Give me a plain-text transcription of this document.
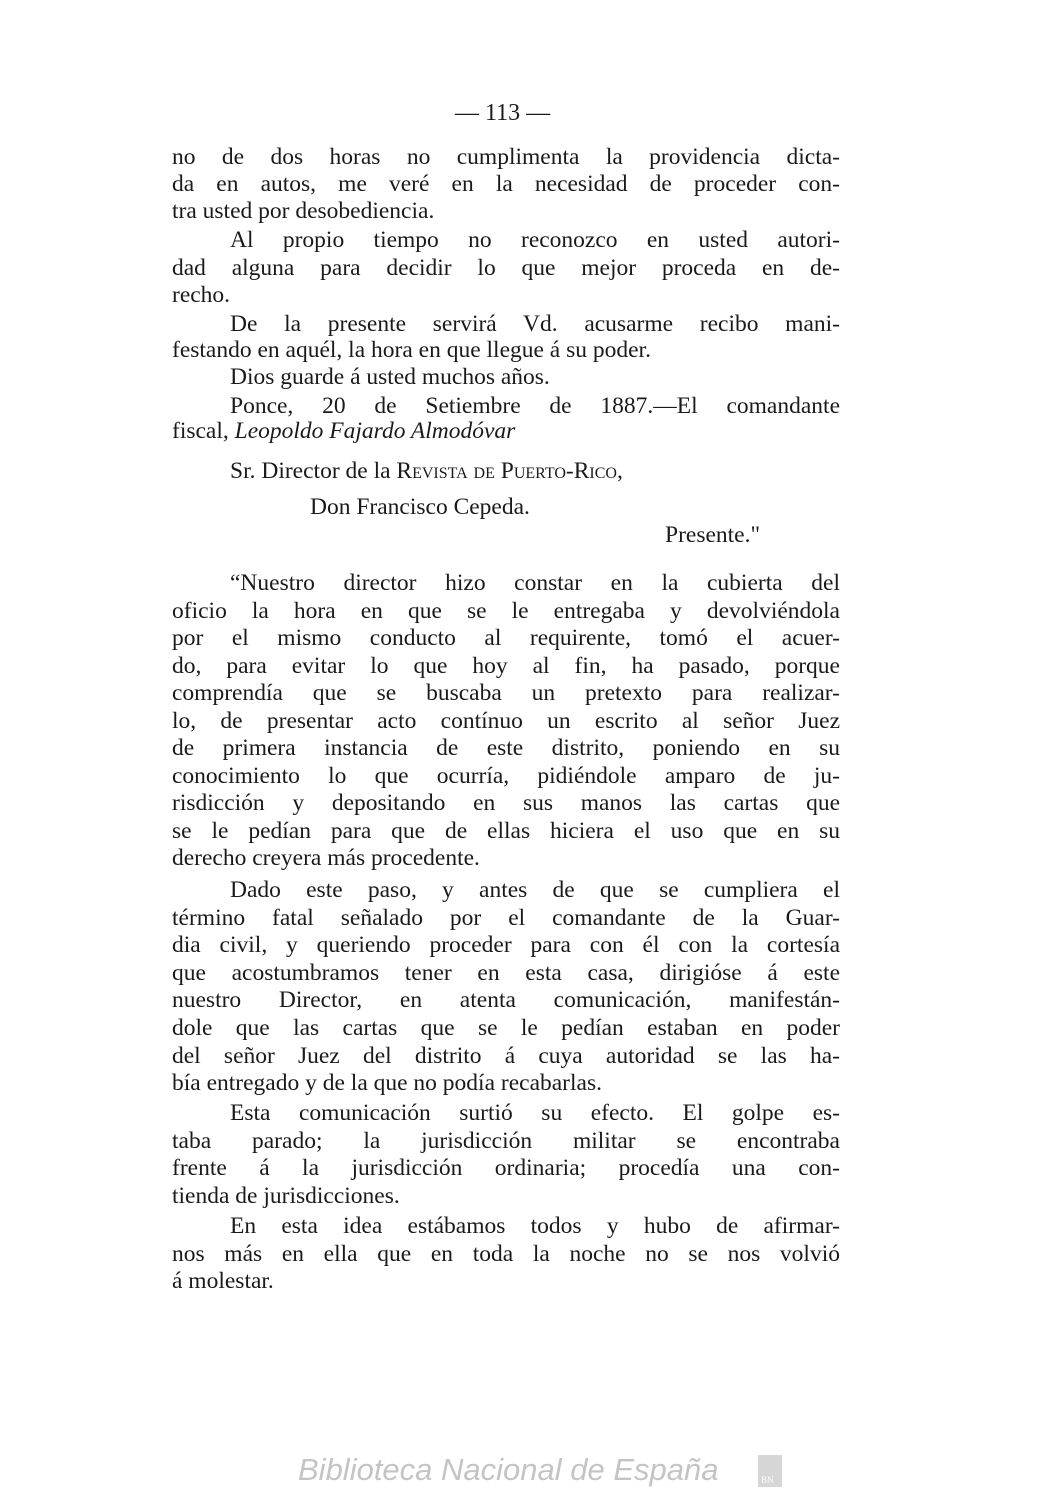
— 113 —
no de dos horas no cumplimenta la providencia dicta-
da en autos, me veré en la necesidad de proceder con-
tra usted por desobediencia.
Al propio tiempo no reconozco en usted autori-
dad alguna para decidir lo que mejor proceda en de-
recho.
De la presente servirá Vd. acusarme recibo mani-
festando en aquél, la hora en que llegue á su poder.
Dios guarde á usted muchos años.
Ponce, 20 de Setiembre de 1887.—El comandante
fiscal, Leopoldo Fajardo Almodóvar
Sr. Director de la Revista de Puerto-Rico,
Don Francisco Cepeda.
Presente."
“Nuestro director hizo constar en la cubierta del
oficio la hora en que se le entregaba y devolviéndola
por el mismo conducto al requirente, tomó el acuer-
do, para evitar lo que hoy al fin, ha pasado, porque
comprendía que se buscaba un pretexto para realizar-
lo, de presentar acto contínuo un escrito al señor Juez
de primera instancia de este distrito, poniendo en su
conocimiento lo que ocurría, pidiéndole amparo de ju-
risdicción y depositando en sus manos las cartas que
se le pedían para que de ellas hiciera el uso que en su
derecho creyera más procedente.
Dado este paso, y antes de que se cumpliera el
término fatal señalado por el comandante de la Guar-
dia civil, y queriendo proceder para con él con la cortesía
que acostumbramos tener en esta casa, dirigióse á este
nuestro Director, en atenta comunicación, manifestán-
dole que las cartas que se le pedían estaban en poder
del señor Juez del distrito á cuya autoridad se las ha-
bía entregado y de la que no podía recabarlas.
Esta comunicación surtió su efecto. El golpe es-
taba parado; la jurisdicción militar se encontraba
frente á la jurisdicción ordinaria; procedía una con-
tienda de jurisdicciones.
En esta idea estábamos todos y hubo de afirmar-
nos más en ella que en toda la noche no se nos volvió
á molestar.
Biblioteca Nacional de España	BN
